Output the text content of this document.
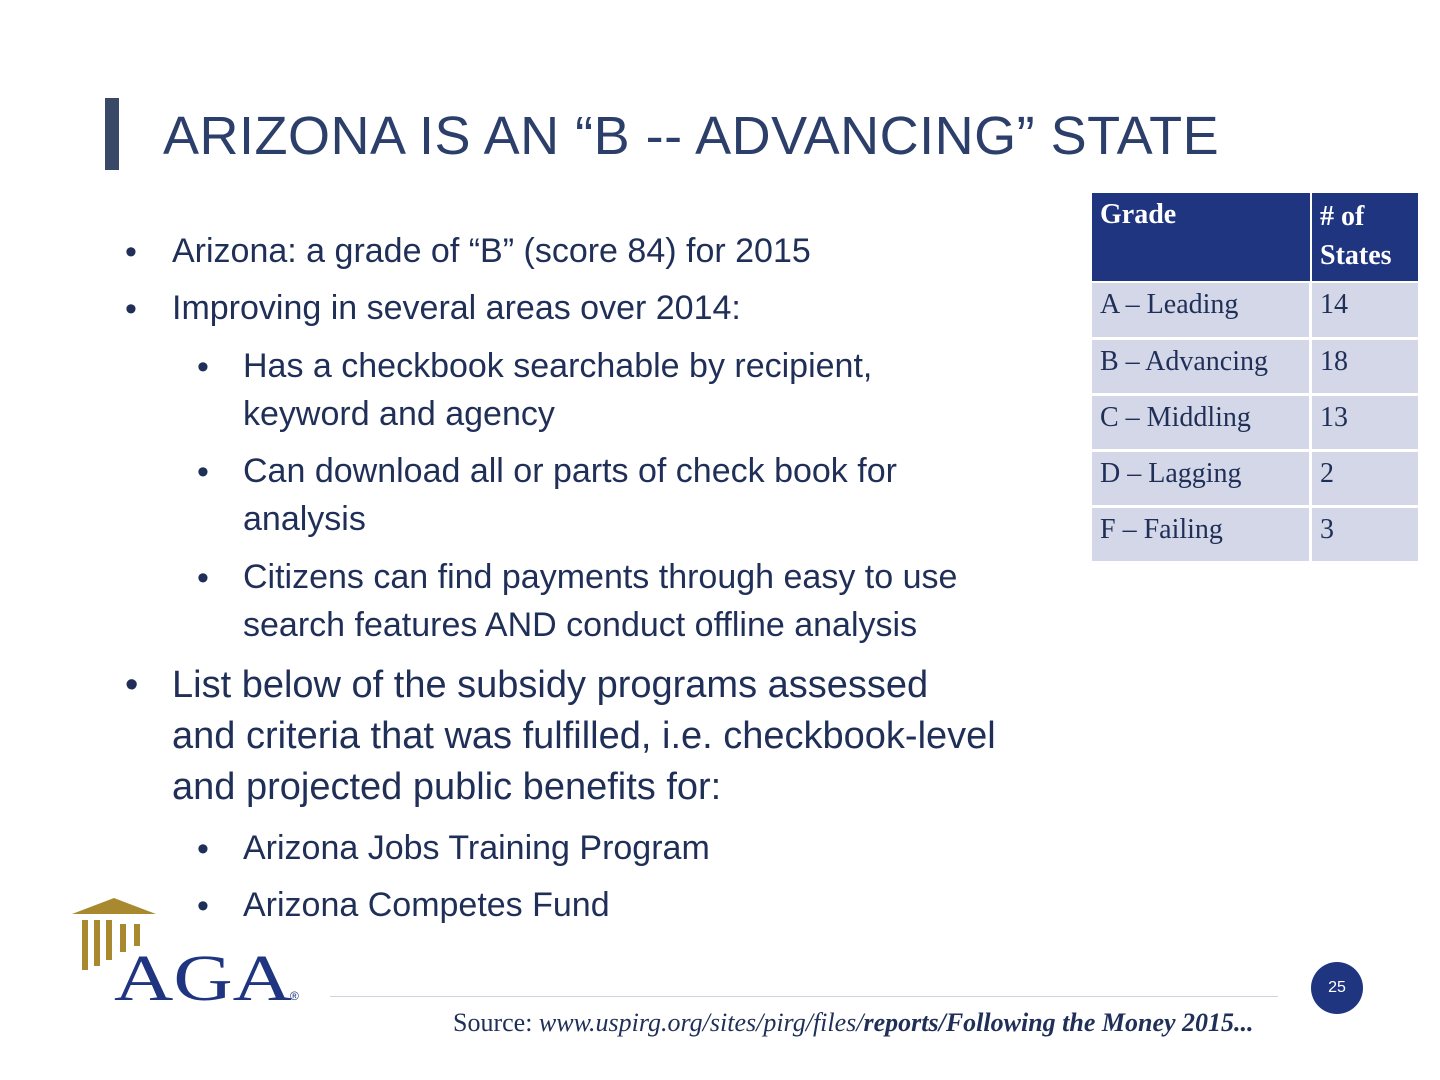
ARIZONA IS AN “B -- ADVANCING” STATE
• Arizona: a grade of “B” (score 84) for 2015
• Improving in several areas over 2014:
• Has a checkbook searchable by recipient,
keyword and agency
• Can download all or parts of check book for
analysis
• Citizens can find payments through easy to use
search features AND conduct offline analysis
• List below of the subsidy programs assessed
and criteria that was fulfilled, i.e. checkbook-level
and projected public benefits for:
• Arizona Jobs Training Program
• Arizona Competes Fund
Grade	# of
States
A – Leading	14
B – Advancing	18
C – Middling	13
D – Lagging	2
F – Failing	3
AGA
®	25
Source: www.uspirg.org/sites/pirg/files/reports/Following the Money 2015...
